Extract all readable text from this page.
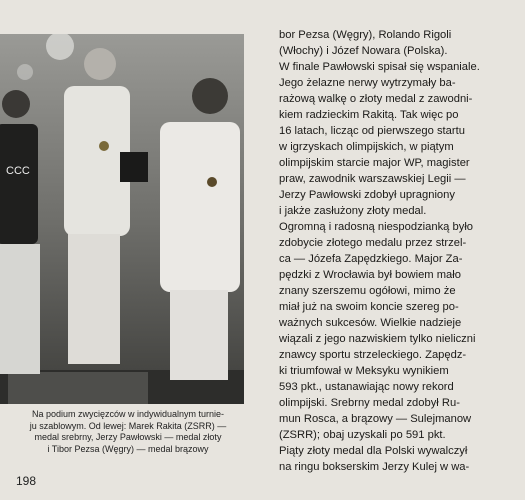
CCC
Na podium zwycięzców w indywidualnym turnie-
ju szablowym. Od lewej: Marek Rakita (ZSRR) —
medal srebrny, Jerzy Pawłowski — medal złoty
i Tibor Pezsa (Węgry) — medal brązowy
198
bor Pezsa (Węgry), Rolando Rigoli
(Włochy) i Józef Nowara (Polska).
W finale Pawłowski spisał się wspaniale.
Jego żelazne nerwy wytrzymały ba-
rażową walkę o złoty medal z zawodni-
kiem radzieckim Rakitą. Tak więc po
16 latach, licząc od pierwszego startu
w igrzyskach olimpijskich, w piątym
olimpijskim starcie major WP, magister
praw, zawodnik warszawskiej Legii —
Jerzy Pawłowski zdobył upragniony
i jakże zasłużony złoty medal.
Ogromną i radosną niespodzianką było
zdobycie złotego medalu przez strzel-
ca — Józefa Zapędzkiego. Major Za-
pędzki z Wrocławia był bowiem mało
znany szerszemu ogółowi, mimo że
miał już na swoim koncie szereg po-
ważnych sukcesów. Wielkie nadzieje
wiązali z jego nazwiskiem tylko nieliczni
znawcy sportu strzeleckiego. Zapędz-
ki triumfował w Meksyku wynikiem
593 pkt., ustanawiając nowy rekord
olimpijski. Srebrny medal zdobył Ru-
mun Rosca, a brązowy — Sulejmanow
(ZSRR); obaj uzyskali po 591 pkt.
Piąty złoty medal dla Polski wywalczył
na ringu bokserskim Jerzy Kulej w wa-
